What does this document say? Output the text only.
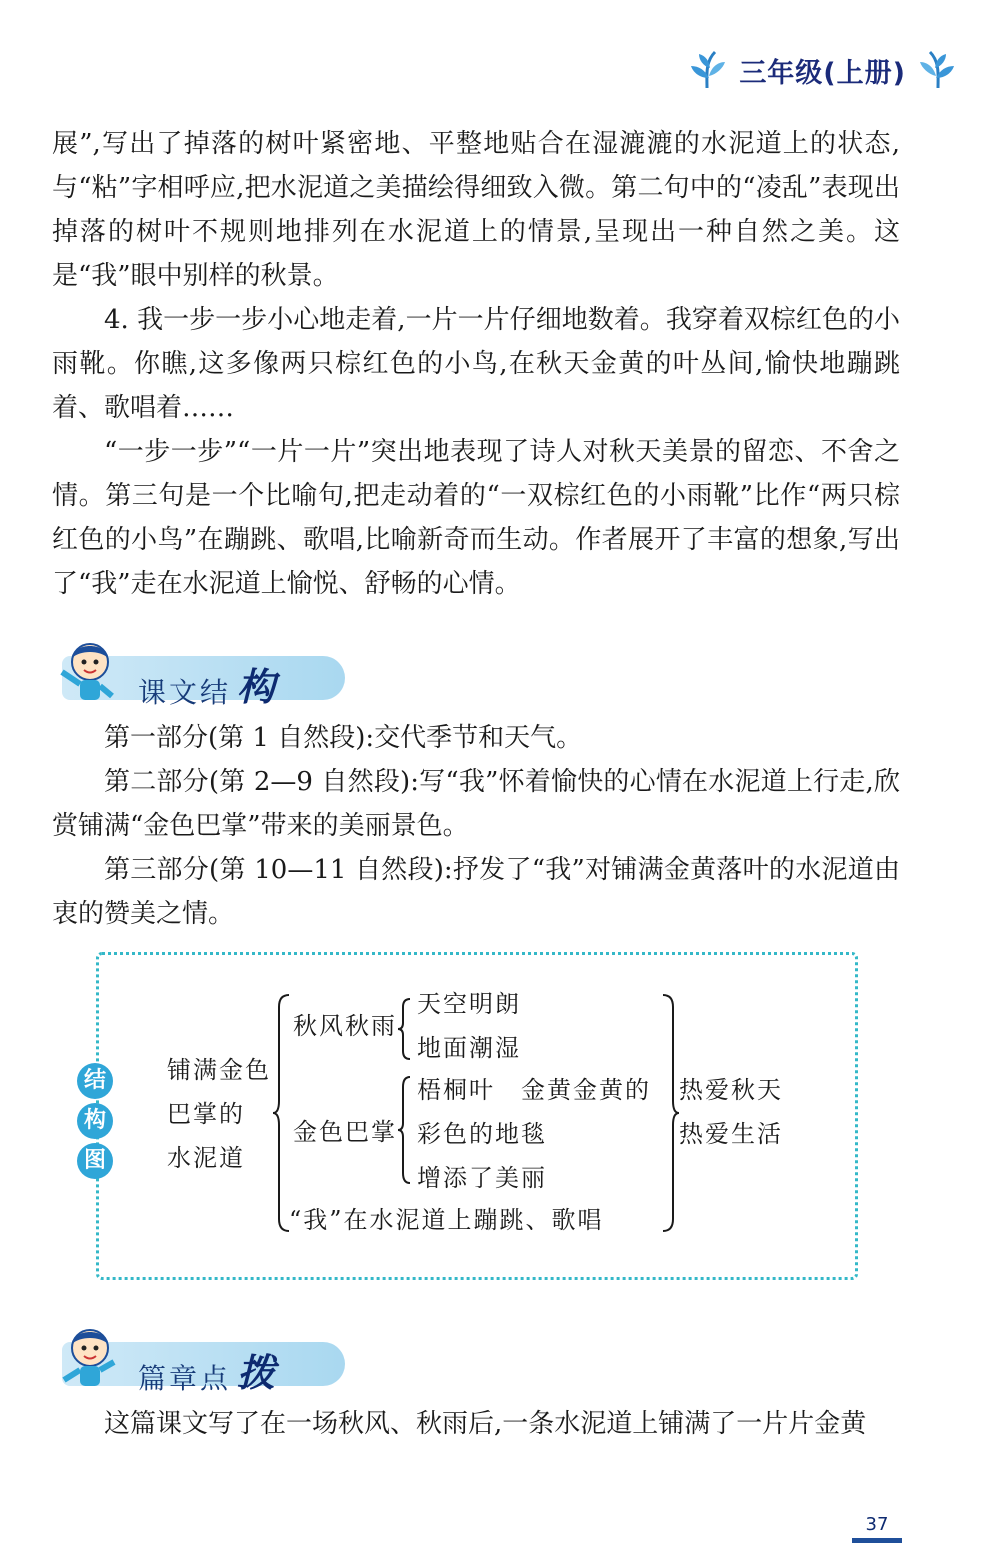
三年级(上册)

展”,写出了掉落的树叶紧密地、平整地贴合在湿漉漉的水泥道上的状态,与“粘”字相呼应,把水泥道之美描绘得细致入微。第二句中的“凌乱”表现出掉落的树叶不规则地排列在水泥道上的情景,呈现出一种自然之美。这是“我”眼中别样的秋景。

4. 我一步一步小心地走着,一片一片仔细地数着。我穿着双棕红色的小雨靴。你瞧,这多像两只棕红色的小鸟,在秋天金黄的叶丛间,愉快地蹦跳着、歌唱着……

“一步一步”“一片一片”突出地表现了诗人对秋天美景的留恋、不舍之情。第三句是一个比喻句,把走动着的“一双棕红色的小雨靴”比作“两只棕红色的小鸟”在蹦跳、歌唱,比喻新奇而生动。作者展开了丰富的想象,写出了“我”走在水泥道上愉悦、舒畅的心情。

课文结 构

第一部分(第 1 自然段):交代季节和天气。

第二部分(第 2—9 自然段):写“我”怀着愉快的心情在水泥道上行走,欣赏铺满“金色巴掌”带来的美丽景色。

第三部分(第 10—11 自然段):抒发了“我”对铺满金黄落叶的水泥道由衷的赞美之情。

结
构
图
铺满金色
巴掌的
水泥道
秋风秋雨
天空明朗
地面潮湿
金色巴掌
梧桐叶　金黄金黄的
彩色的地毯
增添了美丽
“我”在水泥道上蹦跳、歌唱
热爱秋天
热爱生活
篇章点 拨

这篇课文写了在一场秋风、秋雨后,一条水泥道上铺满了一片片金黄

37
